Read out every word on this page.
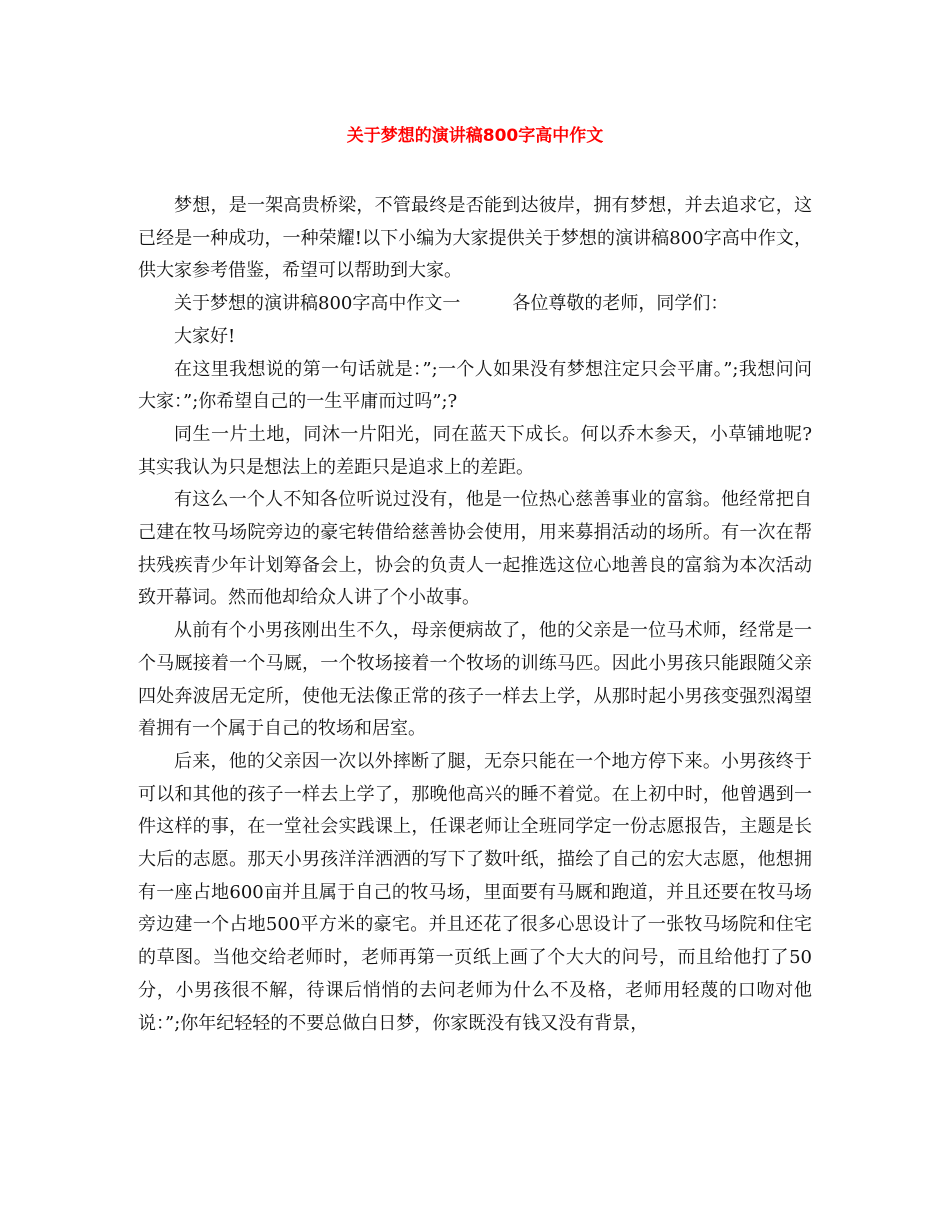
关于梦想的演讲稿800字高中作文

梦想，是一架高贵桥梁，不管最终是否能到达彼岸，拥有梦想，并去追求它，这已经是一种成功，一种荣耀!以下小编为大家提供关于梦想的演讲稿800字高中作文，供大家参考借鉴，希望可以帮助到大家。

关于梦想的演讲稿800字高中作文一	各位尊敬的老师，同学们：

大家好!

在这里我想说的第一句话就是：”;一个人如果没有梦想注定只会平庸。”;我想问问大家：”;你希望自己的一生平庸而过吗”;?

同生一片土地，同沐一片阳光，同在蓝天下成长。何以乔木参天，小草铺地呢?其实我认为只是想法上的差距只是追求上的差距。

有这么一个人不知各位听说过没有，他是一位热心慈善事业的富翁。他经常把自己建在牧马场院旁边的豪宅转借给慈善协会使用，用来募捐活动的场所。有一次在帮扶残疾青少年计划筹备会上，协会的负责人一起推选这位心地善良的富翁为本次活动致开幕词。然而他却给众人讲了个小故事。

从前有个小男孩刚出生不久，母亲便病故了，他的父亲是一位马术师，经常是一个马厩接着一个马厩，一个牧场接着一个牧场的训练马匹。因此小男孩只能跟随父亲四处奔波居无定所，使他无法像正常的孩子一样去上学，从那时起小男孩变强烈渴望着拥有一个属于自己的牧场和居室。

后来，他的父亲因一次以外摔断了腿，无奈只能在一个地方停下来。小男孩终于可以和其他的孩子一样去上学了，那晚他高兴的睡不着觉。在上初中时，他曾遇到一件这样的事，在一堂社会实践课上，任课老师让全班同学定一份志愿报告，主题是长大后的志愿。那天小男孩洋洋洒洒的写下了数叶纸，描绘了自己的宏大志愿，他想拥有一座占地600亩并且属于自己的牧马场，里面要有马厩和跑道，并且还要在牧马场旁边建一个占地500平方米的豪宅。并且还花了很多心思设计了一张牧马场院和住宅的草图。当他交给老师时，老师再第一页纸上画了个大大的问号，而且给他打了50分，小男孩很不解，待课后悄悄的去问老师为什么不及格，老师用轻蔑的口吻对他说：”;你年纪轻轻的不要总做白日梦，你家既没有钱又没有背景，
